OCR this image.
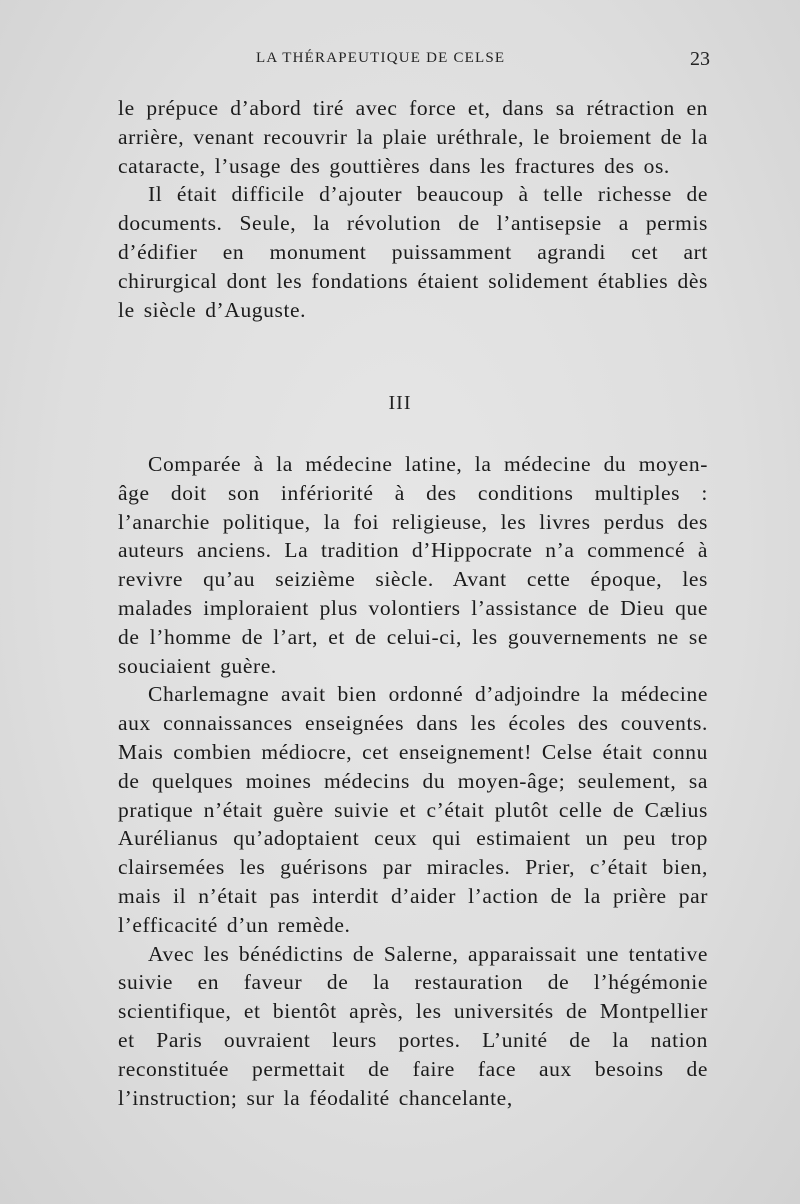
LA THÉRAPEUTIQUE DE CELSE	23

le prépuce d’abord tiré avec force et, dans sa rétraction en arrière, venant recouvrir la plaie uréthrale, le broiement de la cataracte, l’usage des gouttières dans les fractures des os.

Il était difficile d’ajouter beaucoup à telle richesse de documents. Seule, la révolution de l’antisepsie a permis d’édifier en monument puissamment agrandi cet art chirurgical dont les fondations étaient solidement établies dès le siècle d’Auguste.

III

Comparée à la médecine latine, la médecine du moyen-âge doit son infériorité à des conditions multiples : l’anarchie politique, la foi religieuse, les livres perdus des auteurs anciens. La tradition d’Hippocrate n’a commencé à revivre qu’au seizième siècle. Avant cette époque, les malades imploraient plus volontiers l’assistance de Dieu que de l’homme de l’art, et de celui-ci, les gouvernements ne se souciaient guère.

Charlemagne avait bien ordonné d’adjoindre la médecine aux connaissances enseignées dans les écoles des couvents. Mais combien médiocre, cet enseignement! Celse était connu de quelques moines médecins du moyen-âge; seulement, sa pratique n’était guère suivie et c’était plutôt celle de Cælius Aurélianus qu’adoptaient ceux qui estimaient un peu trop clairsemées les guérisons par miracles. Prier, c’était bien, mais il n’était pas interdit d’aider l’action de la prière par l’efficacité d’un remède.

Avec les bénédictins de Salerne, apparaissait une tentative suivie en faveur de la restauration de l’hégémonie scientifique, et bientôt après, les universités de Montpellier et Paris ouvraient leurs portes. L’unité de la nation reconstituée permettait de faire face aux besoins de l’instruction; sur la féodalité chancelante,
